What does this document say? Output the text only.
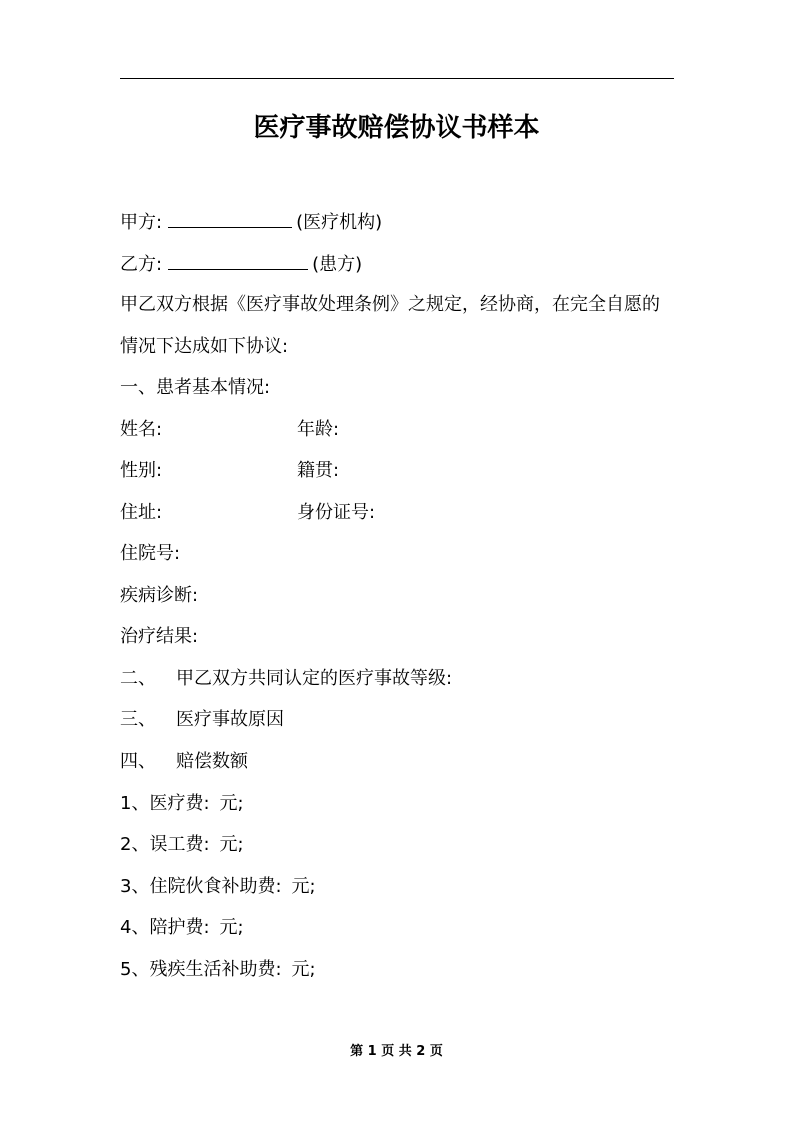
医疗事故赔偿协议书样本
甲方:	(医疗机构)
乙方:	(患方)
甲乙双方根据《医疗事故处理条例》之规定，经协商，在完全自愿的
情况下达成如下协议:
一、患者基本情况:
姓名:	年龄:
性别:	籍贯:
住址:	身份证号:
住院号:
疾病诊断:
治疗结果:
二、 甲乙双方共同认定的医疗事故等级:
三、 医疗事故原因
四、 赔偿数额
1、医疗费: 元;
2、误工费: 元;
3、住院伙食补助费: 元;
4、陪护费: 元;
5、残疾生活补助费: 元;
第 1 页 共 2 页
